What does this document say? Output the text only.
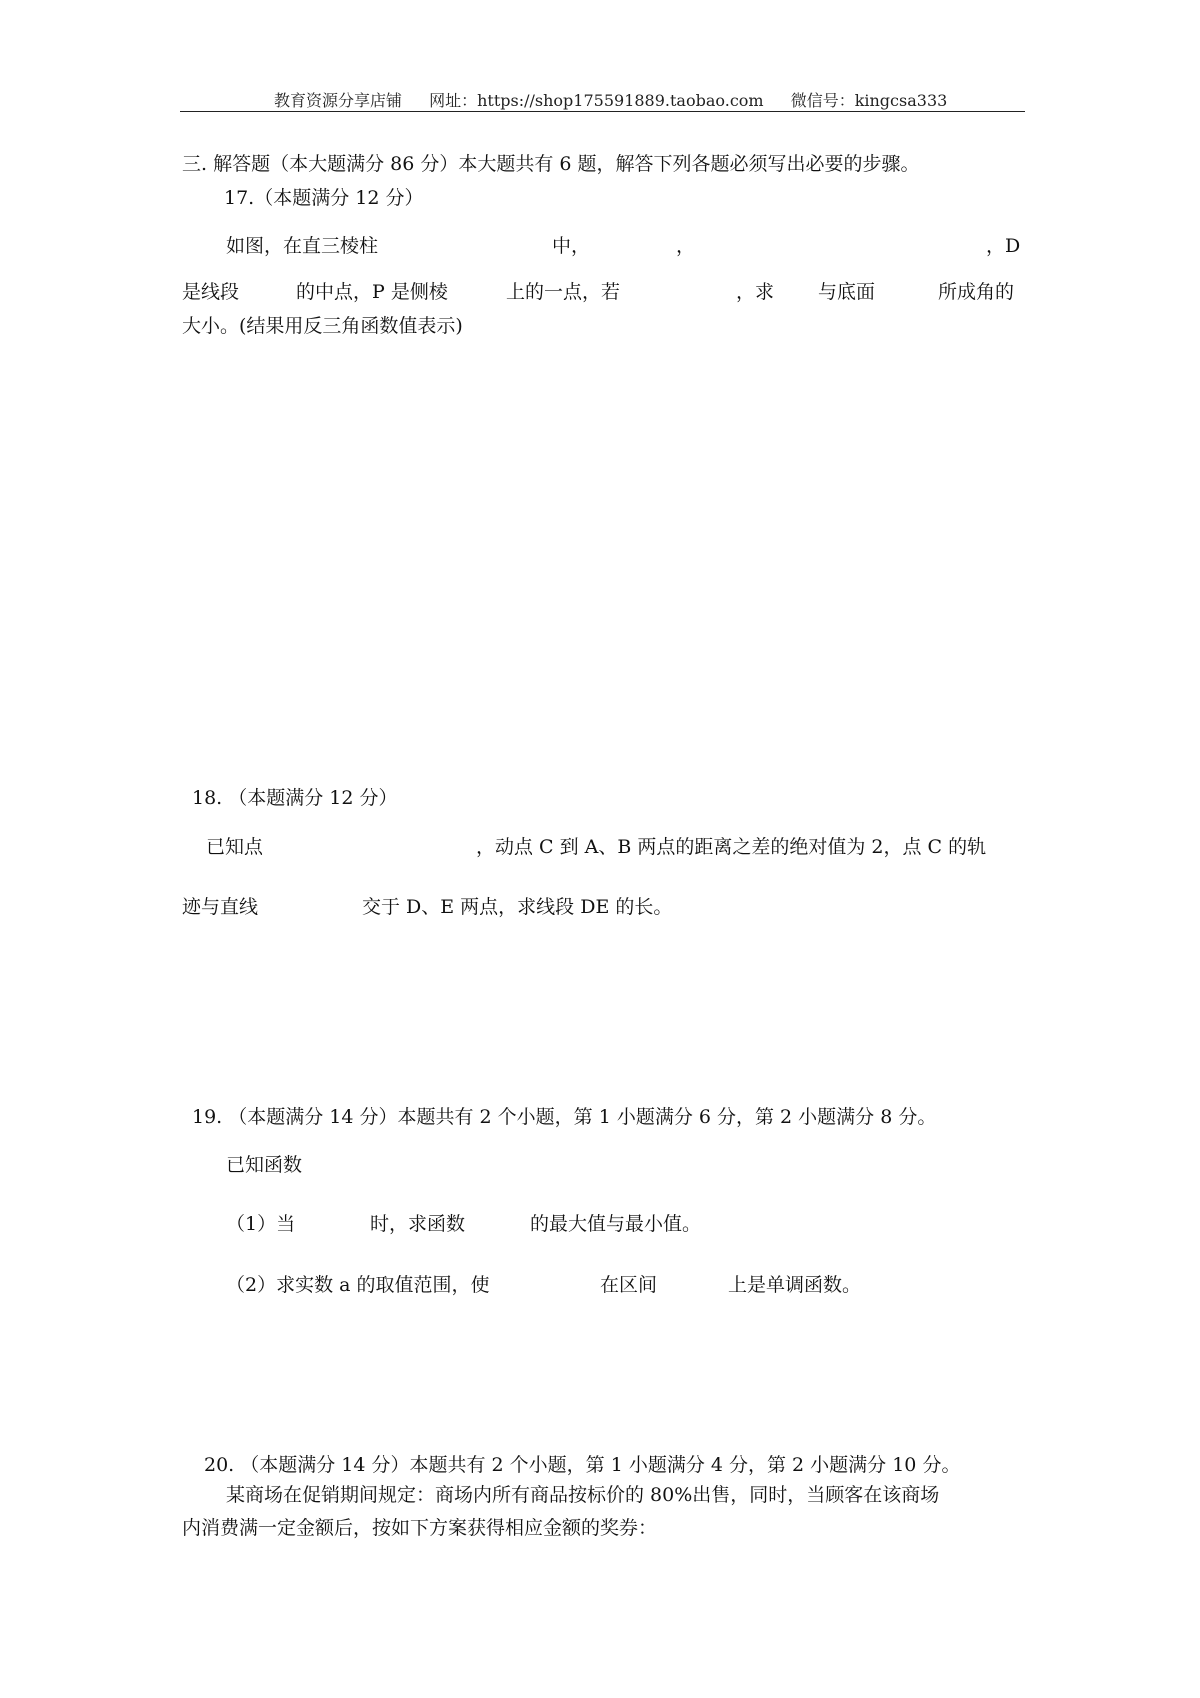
教育资源分享店铺 网址：https://shop175591889.taobao.com 微信号：kingcsa333
三. 解答题（本大题满分 86 分）本大题共有 6 题，解答下列各题必须写出必要的步骤。
17.（本题满分 12 分）
如图，在直三棱柱	中，	，	，D
是线段	的中点，P 是侧棱	上的一点，若	，求 与底面	所成角的
大小。(结果用反三角函数值表示)
18. （本题满分 12 分）
已知点	，动点 C 到 A、B 两点的距离之差的绝对值为 2，点 C 的轨
迹与直线	交于 D、E 两点，求线段 DE 的长。
19. （本题满分 14 分）本题共有 2 个小题，第 1 小题满分 6 分，第 2 小题满分 8 分。
已知函数
（1）当	时，求函数	的最大值与最小值。
（2）求实数 a 的取值范围，使	在区间	上是单调函数。
20. （本题满分 14 分）本题共有 2 个小题，第 1 小题满分 4 分，第 2 小题满分 10 分。
某商场在促销期间规定：商场内所有商品按标价的 80%出售，同时，当顾客在该商场
内消费满一定金额后，按如下方案获得相应金额的奖券：
